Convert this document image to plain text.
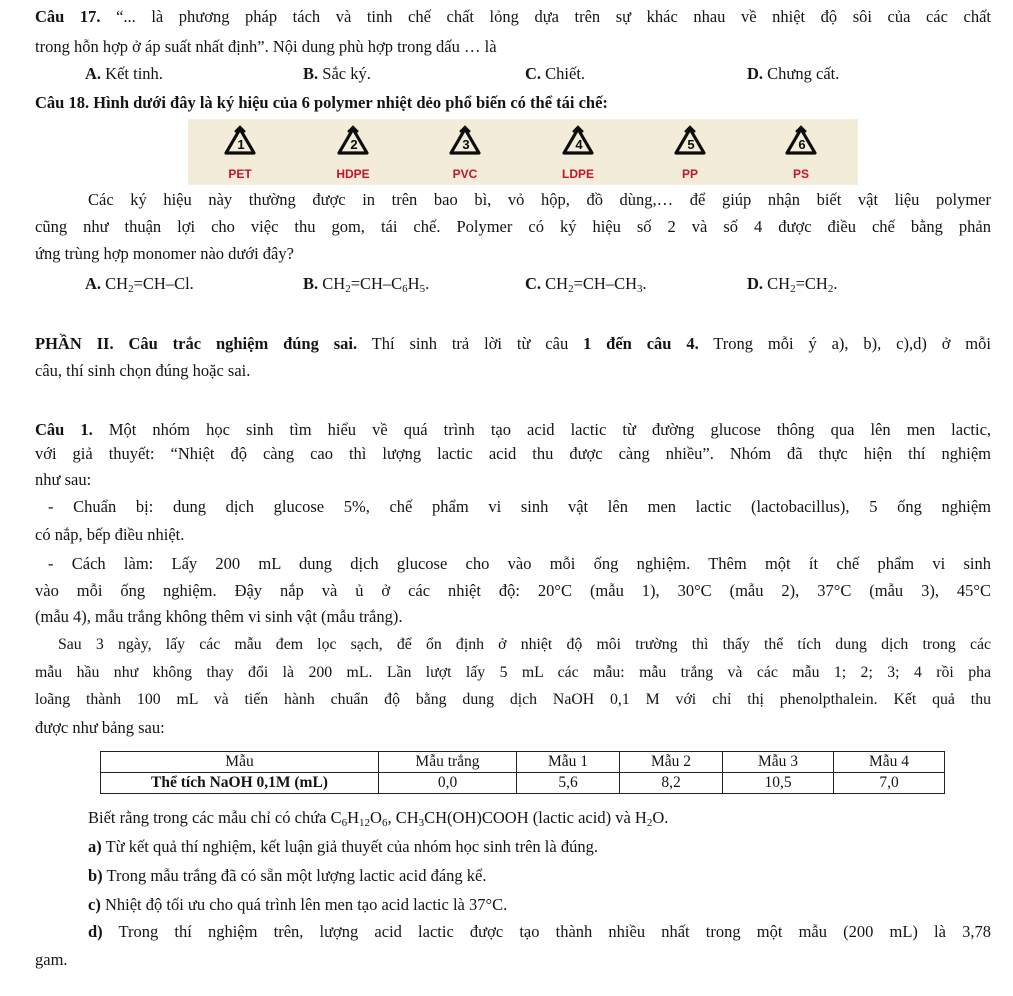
Câu 17. “... là phương pháp tách và tinh chế chất lỏng dựa trên sự khác nhau về nhiệt độ sôi của các chất
trong hỗn hợp ở áp suất nhất định”. Nội dung phù hợp trong dấu … là
A. Kết tinh.	B. Sắc ký.	C. Chiết.	D. Chưng cất.
Câu 18. Hình dưới đây là ký hiệu của 6 polymer nhiệt dẻo phổ biến có thể tái chế:
1
PET
2
HDPE
3
PVC
4
LDPE
5
PP
6
PS
Các ký hiệu này thường được in trên bao bì, vỏ hộp, đồ dùng,… để giúp nhận biết vật liệu polymer
cũng như thuận lợi cho việc thu gom, tái chế. Polymer có ký hiệu số 2 và số 4 được điều chế bằng phản
ứng trùng hợp monomer nào dưới đây?
A. $CH_2=CH-Cl$.	B. $CH_2=CH-C_6H_5$.	C. $CH_2=CH-CH_3$.	D. $CH_2=CH_2$.
PHẦN II. Câu trắc nghiệm đúng sai. Thí sinh trả lời từ câu 1 đến câu 4. Trong mỗi ý a), b), c),d) ở mỗi
câu, thí sinh chọn đúng hoặc sai.
Câu 1. Một nhóm học sinh tìm hiểu về quá trình tạo acid lactic từ đường glucose thông qua lên men lactic,
với giả thuyết: “Nhiệt độ càng cao thì lượng lactic acid thu được càng nhiều”. Nhóm đã thực hiện thí nghiệm
như sau:
- Chuẩn bị: dung dịch glucose 5%, chế phẩm vi sinh vật lên men lactic (lactobacillus), 5 ống nghiệm
có nắp, bếp điều nhiệt.
- Cách làm: Lấy 200 mL dung dịch glucose cho vào mỗi ống nghiệm. Thêm một ít chế phẩm vi sinh
vào mỗi ống nghiệm. Đậy nắp và ủ ở các nhiệt độ: 20°C (mẫu 1), 30°C (mẫu 2), 37°C (mẫu 3), 45°C
(mẫu 4), mẫu trắng không thêm vi sinh vật (mẫu trắng).
Sau 3 ngày, lấy các mẫu đem lọc sạch, để ổn định ở nhiệt độ môi trường thì thấy thể tích dung dịch trong các
mẫu hầu như không thay đổi là 200 mL. Lần lượt lấy 5 mL các mẫu: mẫu trắng và các mẫu 1; 2; 3; 4 rồi pha
loãng thành 100 mL và tiến hành chuẩn độ bằng dung dịch NaOH 0,1 M với chỉ thị phenolpthalein. Kết quả thu
được như bảng sau:
Mẫu	Mẫu trắng	Mẫu 1	Mẫu 2	Mẫu 3	Mẫu 4
Thể tích NaOH 0,1M (mL)	0,0	5,6	8,2	10,5	7,0
Biết rằng trong các mẫu chỉ có chứa $C_6H_{12}O_6$, $CH_3CH(OH)COOH$ (lactic acid) và $H_2O$.
a) Từ kết quả thí nghiệm, kết luận giả thuyết của nhóm học sinh trên là đúng.
b) Trong mẫu trắng đã có sẵn một lượng lactic acid đáng kể.
c) Nhiệt độ tối ưu cho quá trình lên men tạo acid lactic là 37°C.
d) Trong thí nghiệm trên, lượng acid lactic được tạo thành nhiều nhất trong một mẫu (200 mL) là 3,78
gam.
